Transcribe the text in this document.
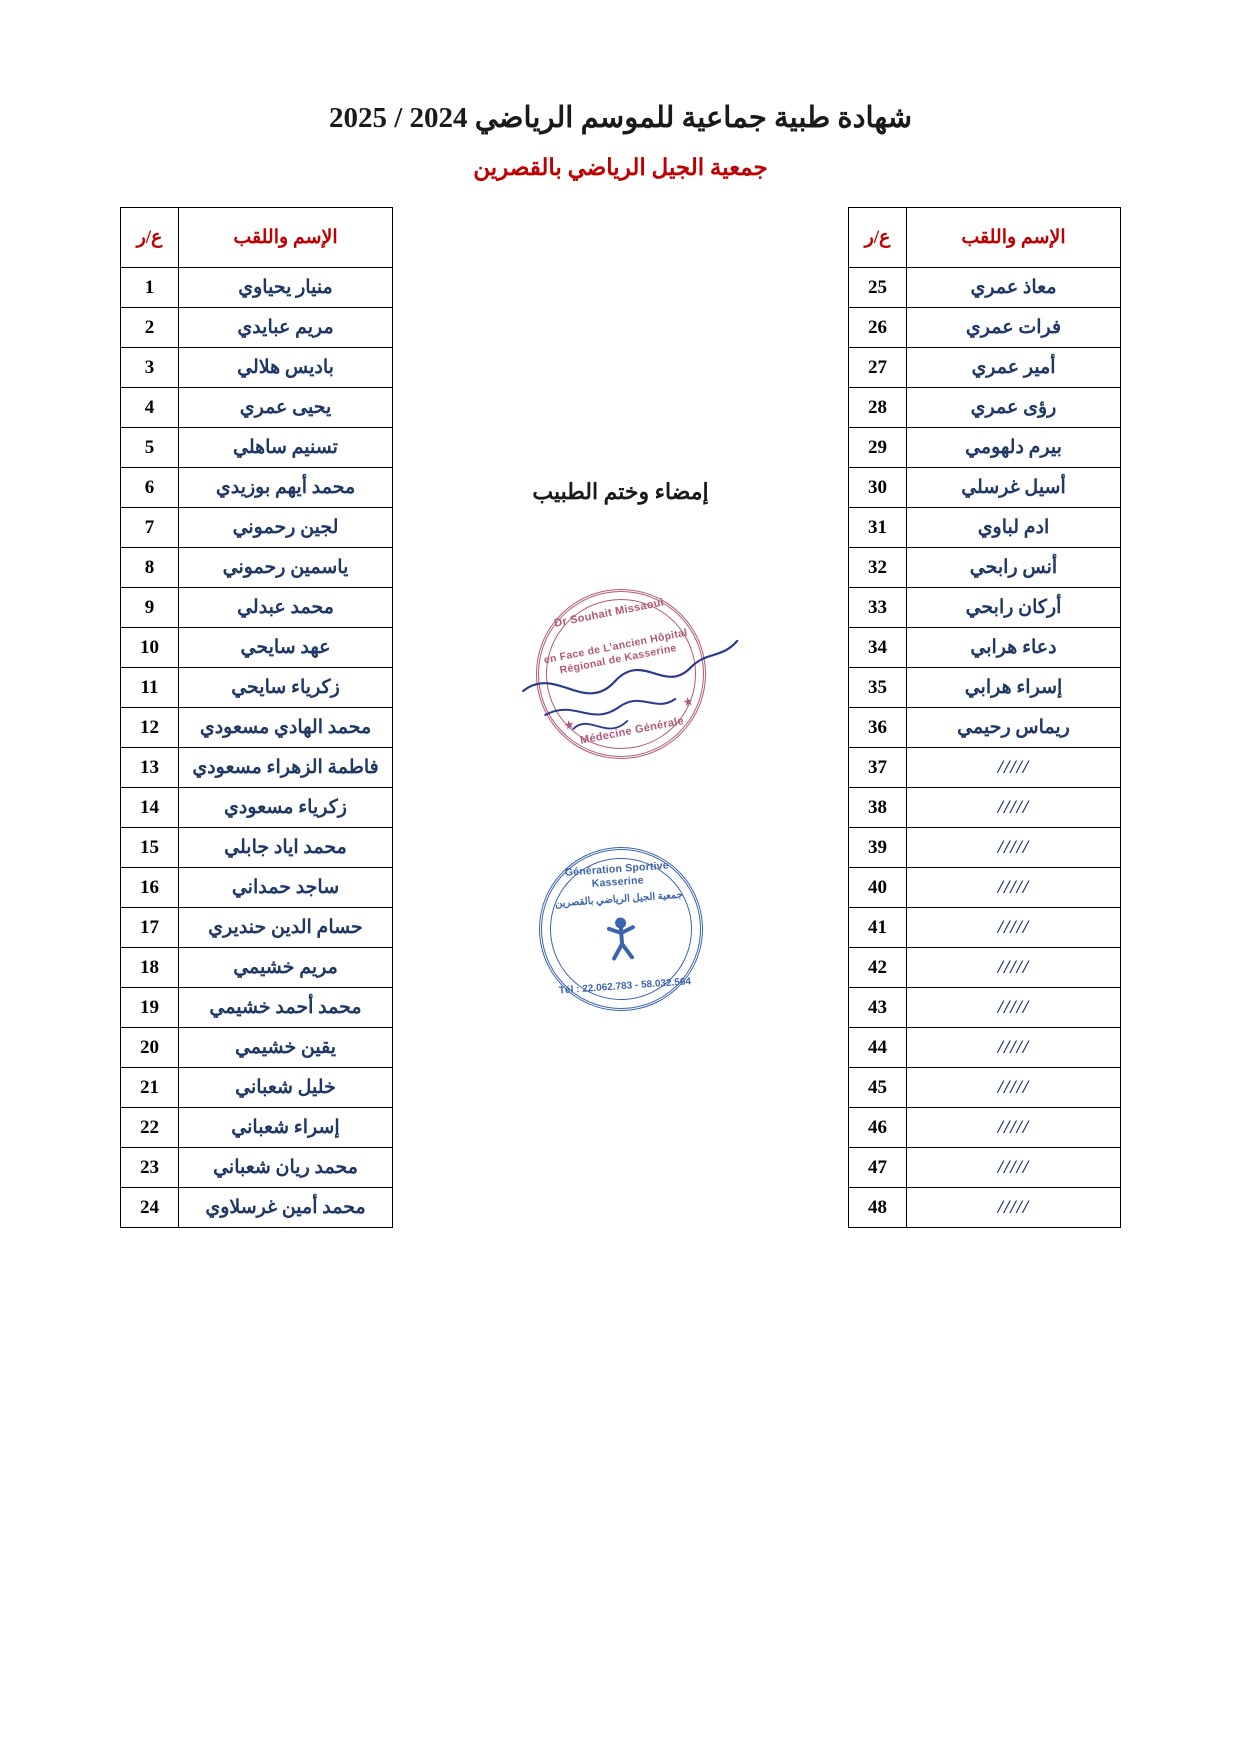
شهادة طبية جماعية للموسم الرياضي 2024 / 2025
جمعية الجيل الرياضي بالقصرين
الإسم واللقب	ع/ر
معاذ عمري	25
فرات عمري	26
أمير عمري	27
رؤى عمري	28
بيرم دلهومي	29
أسيل غرسلي	30
ادم لباوي	31
أنس رابحي	32
أركان رابحي	33
دعاء هرابي	34
إسراء هرابي	35
ريماس رحيمي	36
/////	37
/////	38
/////	39
/////	40
/////	41
/////	42
/////	43
/////	44
/////	45
/////	46
/////	47
/////	48
إمضاء وختم الطبيب
Dr Souhait Missaoui
en Face de L'ancien Hôpital Régional de Kasserine
Médecine Générale
★
★
Génération Sportive Kasserine
جمعية الجيل الرياضي بالقصرين
Tél : 22.062.783 - 58.032.564
الإسم واللقب	ع/ر
منيار يحياوي	1
مريم عبايدي	2
باديس هلالي	3
يحيى عمري	4
تسنيم ساهلي	5
محمد أيهم بوزيدي	6
لجين رحموني	7
ياسمين رحموني	8
محمد عبدلي	9
عهد سايحي	10
زكرياء سايحي	11
محمد الهادي مسعودي	12
فاطمة الزهراء مسعودي	13
زكرياء مسعودي	14
محمد اياد جابلي	15
ساجد حمداني	16
حسام الدين حنديري	17
مريم خشيمي	18
محمد أحمد خشيمي	19
يقين خشيمي	20
خليل شعباني	21
إسراء شعباني	22
محمد ريان شعباني	23
محمد أمين غرسلاوي	24
